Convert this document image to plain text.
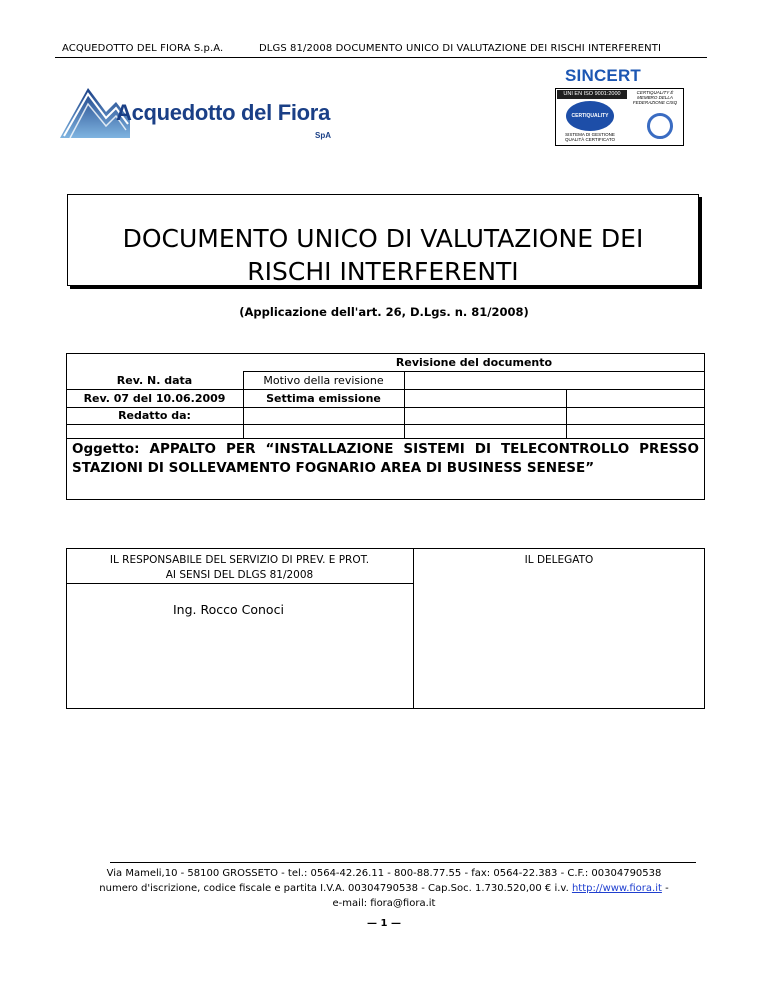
ACQUEDOTTO DEL FIORA S.p.A.	DLGS 81/2008 DOCUMENTO UNICO DI VALUTAZIONE DEI RISCHI INTERFERENTI
Acquedotto del Fiora
SpA
SINCERT
UNI EN ISO 9001:2000
CERTIQUALITY
SISTEMA DI GESTIONE QUALITÀ CERTIFICATO
CERTIQUALITY È MEMBRO DELLA FEDERAZIONE CISQ
DOCUMENTO UNICO DI VALUTAZIONE DEI
RISCHI INTERFERENTI
(Applicazione dell'art. 26, D.Lgs. n. 81/2008)
Revisione del documento
Rev. N. data	Motivo della revisione
Rev. 07 del 10.06.2009	Settima emissione
Redatto da:
Oggetto: APPALTO PER “INSTALLAZIONE SISTEMI DI TELECONTROLLO PRESSO STAZIONI DI SOLLEVAMENTO FOGNARIO AREA DI BUSINESS SENESE”
IL RESPONSABILE DEL SERVIZIO DI PREV. E PROT.
AI SENSI DEL DLGS 81/2008
IL DELEGATO
Ing. Rocco Conoci
Via Mameli,10 - 58100 GROSSETO - tel.: 0564-42.26.11 - 800-88.77.55 - fax: 0564-22.383 - C.F.: 00304790538
numero d'iscrizione, codice fiscale e partita I.V.A. 00304790538 - Cap.Soc. 1.730.520,00 € i.v. http://www.fiora.it -
e-mail: fiora@fiora.it
— 1 —
